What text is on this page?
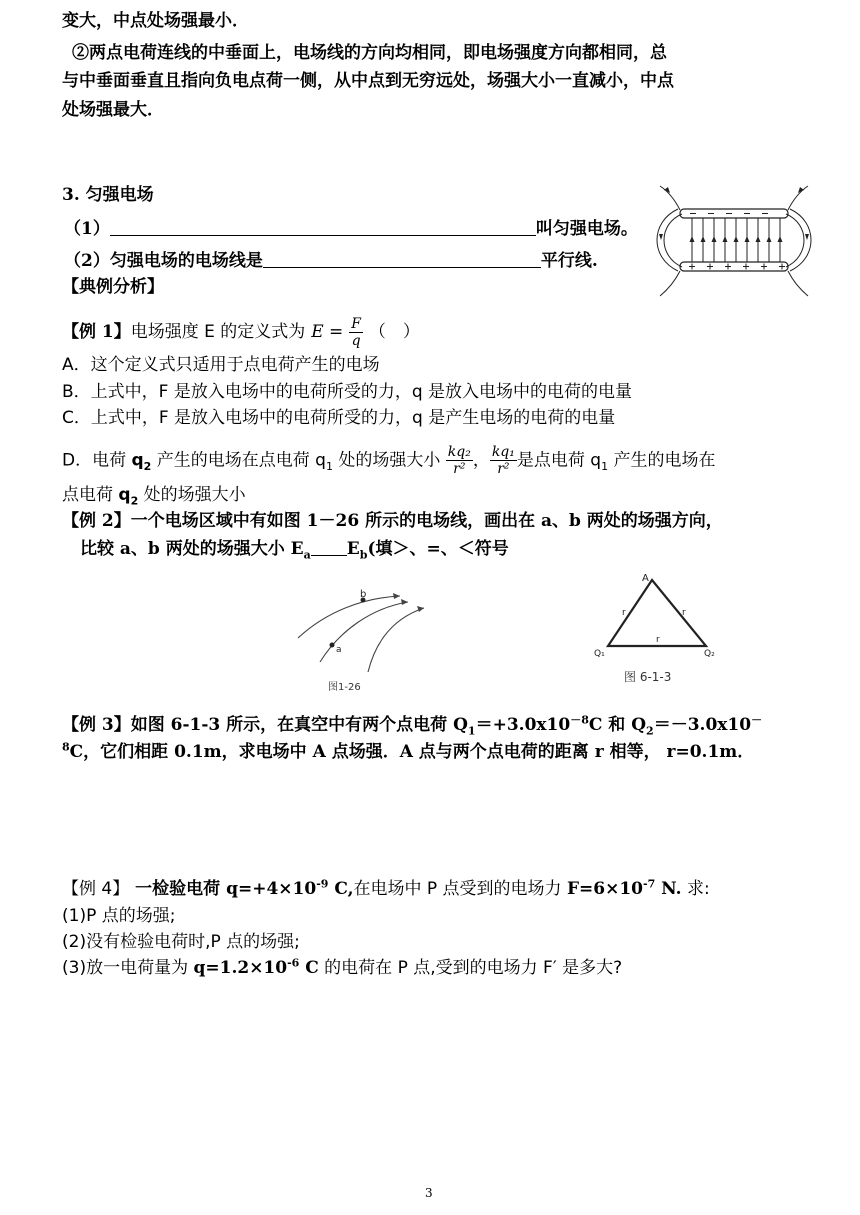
变大，中点处场强最小．
②两点电荷连线的中垂面上，电场线的方向均相同，即电场强度方向都相同，总
与中垂面垂直且指向负电点荷一侧，从中点到无穷远处，场强大小一直减小，中点
处场强最大．
3. 匀强电场
（1）	叫匀强电场。
（2）匀强电场的电场线是	平行线.
【典例分析】
【例 1】电场强度 E 的定义式为 $E = \frac{F}{q}$ （　）
A．这个定义式只适用于点电荷产生的电场
B．上式中，F 是放入电场中的电荷所受的力，q 是放入电场中的电荷的电量
C．上式中，F 是放入电场中的电荷所受的力，q 是产生电场的电荷的电量
D．电荷 $q_2$ 产生的电场在点电荷 $q_1$ 处的场强大小 $\frac{\text{kq₂}}{\text{r²}}$ ， $\frac{\text{kq₁}}{\text{r²}}$ 是点电荷 $q_1$ 产生的电场在
点电荷 $q_2$ 处的场强大小
【例 2】一个电场区域中有如图 1－26 所示的电场线，画出在 a、b 两处的场强方向，
比较 a、b 两处的场强大小 $E_a$ $E_b$(填＞、=、＜符号
b
a
图1-26
A
Q₁	Q₂
r	r
r
图 6-1-3
【例 3】如图 6-1-3 所示，在真空中有两个点电荷 $Q_1=+3.0x10^{-8}C$ 和 $Q_2=-3.0x10^-$
$^8$C，它们相距 0.1m，求电场中 A 点场强．A 点与两个点电荷的距离 r 相等， r=0.1m．
【例 4】 一检验电荷 $q=+4\times 10^{-9}$ C,在电场中 P 点受到的电场力 $F=6\times 10^{-7}$ N. 求:
(1)P 点的场强;
(2)没有检验电荷时,P 点的场强;
(3)放一电荷量为 $q=1.2\times 10^{-6}$ C 的电荷在 P 点,受到的电场力 F′ 是多大?
3
